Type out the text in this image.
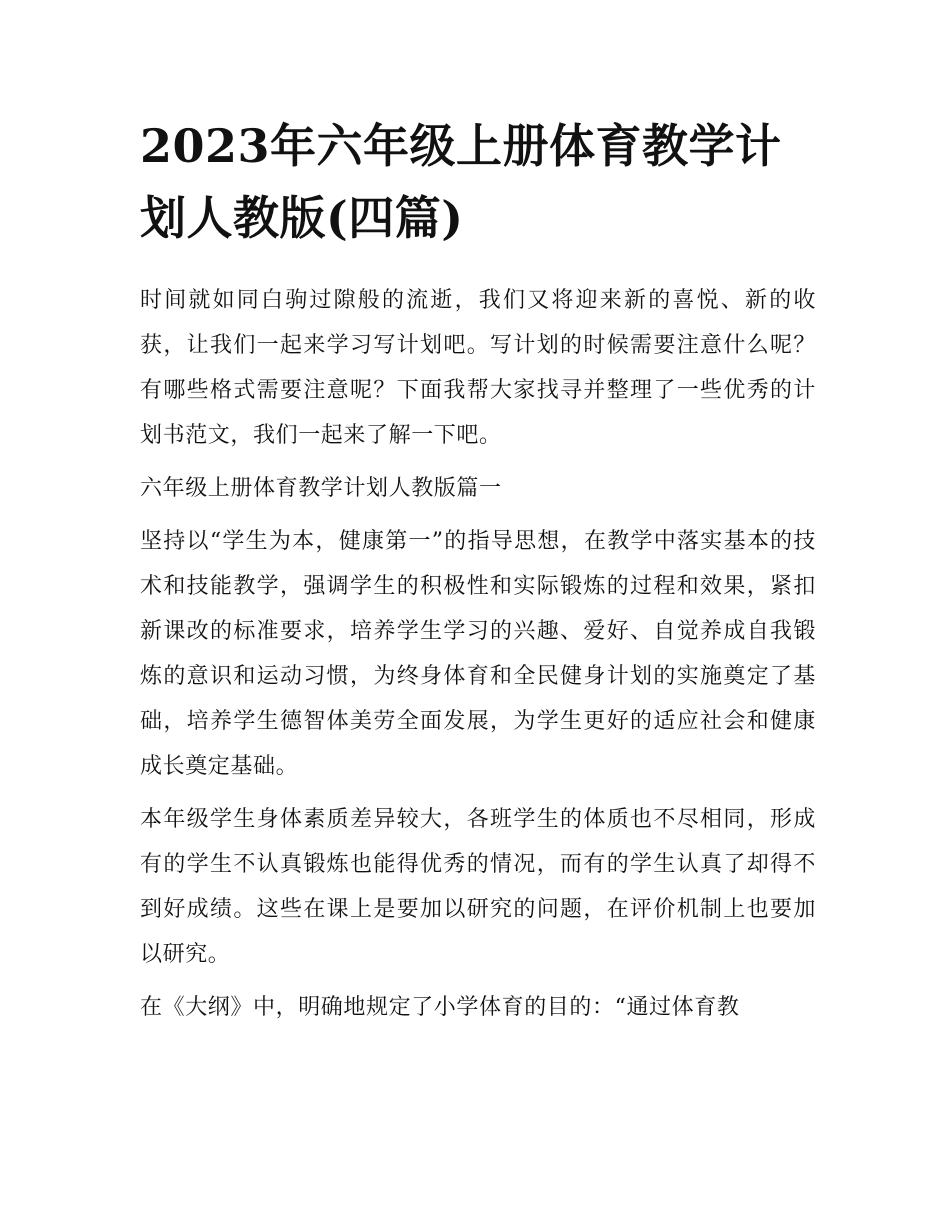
2023年六年级上册体育教学计划人教版(四篇)

时间就如同白驹过隙般的流逝，我们又将迎来新的喜悦、新的收获，让我们一起来学习写计划吧。写计划的时候需要注意什么呢？有哪些格式需要注意呢？下面我帮大家找寻并整理了一些优秀的计划书范文，我们一起来了解一下吧。

六年级上册体育教学计划人教版篇一

坚持以“学生为本，健康第一”的指导思想，在教学中落实基本的技术和技能教学，强调学生的积极性和实际锻炼的过程和效果，紧扣新课改的标准要求，培养学生学习的兴趣、爱好、自觉养成自我锻炼的意识和运动习惯，为终身体育和全民健身计划的实施奠定了基础，培养学生德智体美劳全面发展，为学生更好的适应社会和健康成长奠定基础。

本年级学生身体素质差异较大，各班学生的体质也不尽相同，形成有的学生不认真锻炼也能得优秀的情况，而有的学生认真了却得不到好成绩。这些在课上是要加以研究的问题，在评价机制上也要加以研究。

在《大纲》中，明确地规定了小学体育的目的：“通过体育教
